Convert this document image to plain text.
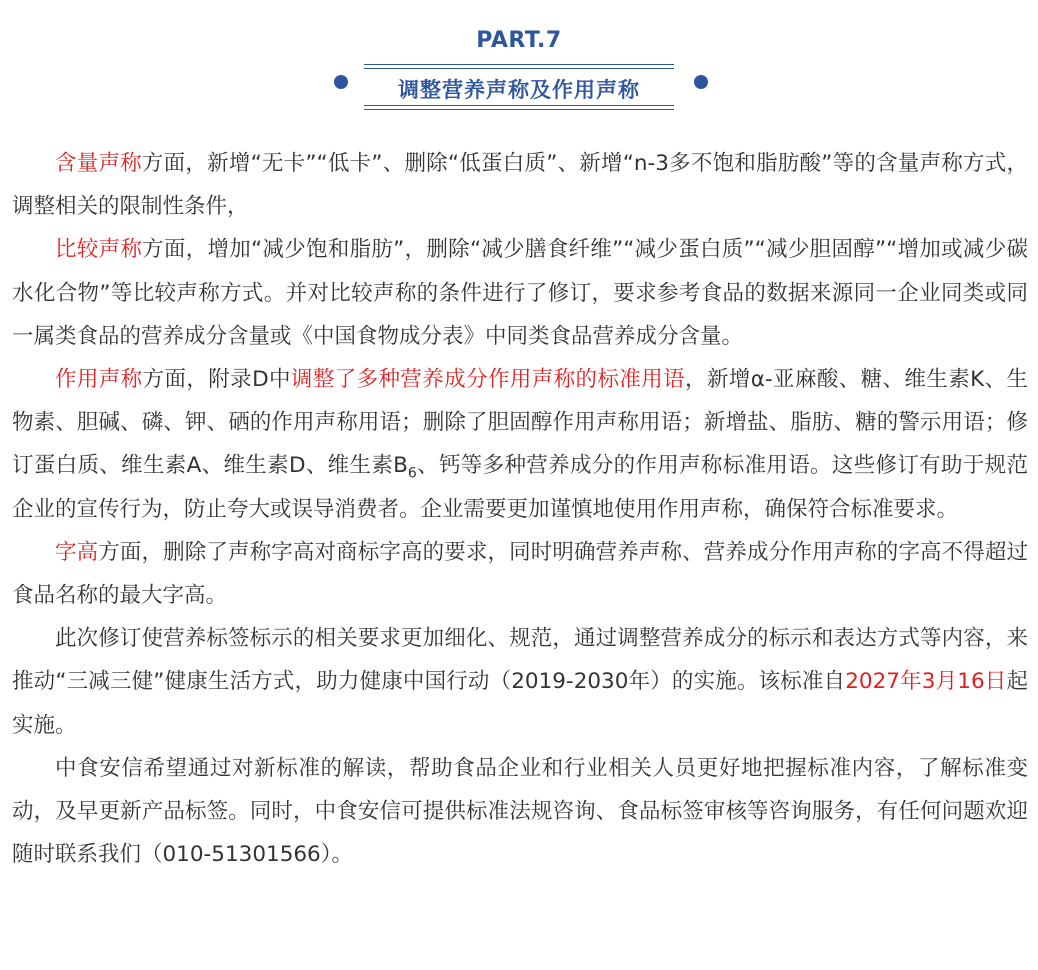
PART.7
调整营养声称及作用声称

含量声称方面，新增“无卡”“低卡”、删除“低蛋白质”、新增“n-3多不饱和脂肪酸”等的含量声称方式，调整相关的限制性条件，

比较声称方面，增加“减少饱和脂肪”，删除“减少膳食纤维”“减少蛋白质”“减少胆固醇”“增加或减少碳水化合物”等比较声称方式。并对比较声称的条件进行了修订，要求参考食品的数据来源同一企业同类或同一属类食品的营养成分含量或《中国食物成分表》中同类食品营养成分含量。

作用声称方面，附录D中调整了多种营养成分作用声称的标准用语，新增α-亚麻酸、糖、维生素K、生物素、胆碱、磷、钾、硒的作用声称用语；删除了胆固醇作用声称用语；新增盐、脂肪、糖的警示用语；修订蛋白质、维生素A、维生素D、维生素$B_6$、钙等多种营养成分的作用声称标准用语。这些修订有助于规范企业的宣传行为，防止夸大或误导消费者。企业需要更加谨慎地使用作用声称，确保符合标准要求。

字高方面，删除了声称字高对商标字高的要求，同时明确营养声称、营养成分作用声称的字高不得超过食品名称的最大字高。

此次修订使营养标签标示的相关要求更加细化、规范，通过调整营养成分的标示和表达方式等内容，来推动“三减三健”健康生活方式，助力健康中国行动（2019-2030年）的实施。该标准自2027年3月16日起实施。

中食安信希望通过对新标准的解读，帮助食品企业和行业相关人员更好地把握标准内容，了解标准变动，及早更新产品标签。同时，中食安信可提供标准法规咨询、食品标签审核等咨询服务，有任何问题欢迎随时联系我们（010-51301566）。
